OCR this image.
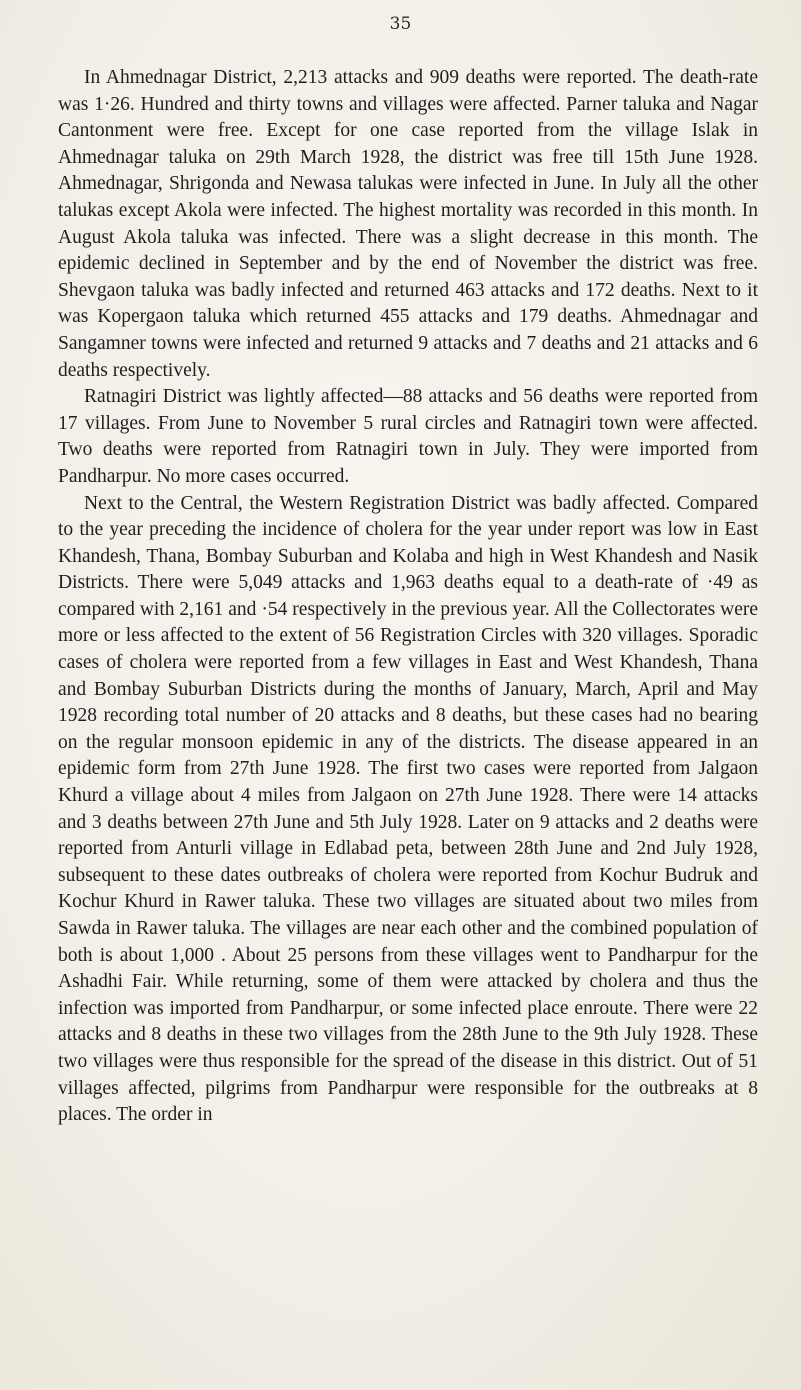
35

In Ahmednagar District, 2,213 attacks and 909 deaths were reported. The death-rate was 1·26. Hundred and thirty towns and villages were affected. Parner taluka and Nagar Cantonment were free. Except for one case reported from the village Islak in Ahmednagar taluka on 29th March 1928, the district was free till 15th June 1928. Ahmednagar, Shrigonda and Newasa talukas were infected in June. In July all the other talukas except Akola were infected. The highest mortality was recorded in this month. In August Akola taluka was infected. There was a slight decrease in this month. The epidemic declined in September and by the end of November the district was free. Shevgaon taluka was badly infected and returned 463 attacks and 172 deaths. Next to it was Kopergaon taluka which returned 455 attacks and 179 deaths. Ahmednagar and Sangamner towns were infected and returned 9 attacks and 7 deaths and 21 attacks and 6 deaths respectively.

Ratnagiri District was lightly affected—88 attacks and 56 deaths were reported from 17 villages. From June to November 5 rural circles and Ratnagiri town were affected. Two deaths were reported from Ratnagiri town in July. They were imported from Pandharpur. No more cases occurred.

Next to the Central, the Western Registration District was badly affected. Compared to the year preceding the incidence of cholera for the year under report was low in East Khandesh, Thana, Bombay Suburban and Kolaba and high in West Khandesh and Nasik Districts. There were 5,049 attacks and 1,963 deaths equal to a death-rate of ·49 as compared with 2,161 and ·54 respectively in the previous year. All the Collectorates were more or less affected to the extent of 56 Registration Circles with 320 villages. Sporadic cases of cholera were reported from a few villages in East and West Khandesh, Thana and Bombay Suburban Districts during the months of January, March, April and May 1928 recording total number of 20 attacks and 8 deaths, but these cases had no bearing on the regular monsoon epidemic in any of the districts. The disease appeared in an epidemic form from 27th June 1928. The first two cases were reported from Jalgaon Khurd a village about 4 miles from Jalgaon on 27th June 1928. There were 14 attacks and 3 deaths between 27th June and 5th July 1928. Later on 9 attacks and 2 deaths were reported from Anturli village in Edlabad peta, between 28th June and 2nd July 1928, subsequent to these dates outbreaks of cholera were reported from Kochur Budruk and Kochur Khurd in Rawer taluka. These two villages are situated about two miles from Sawda in Rawer taluka. The villages are near each other and the combined population of both is about 1,000 . About 25 persons from these villages went to Pandharpur for the Ashadhi Fair. While returning, some of them were attacked by cholera and thus the infection was imported from Pandharpur, or some infected place enroute. There were 22 attacks and 8 deaths in these two villages from the 28th June to the 9th July 1928. These two villages were thus responsible for the spread of the disease in this district. Out of 51 villages affected, pilgrims from Pandharpur were responsible for the outbreaks at 8 places. The order in
